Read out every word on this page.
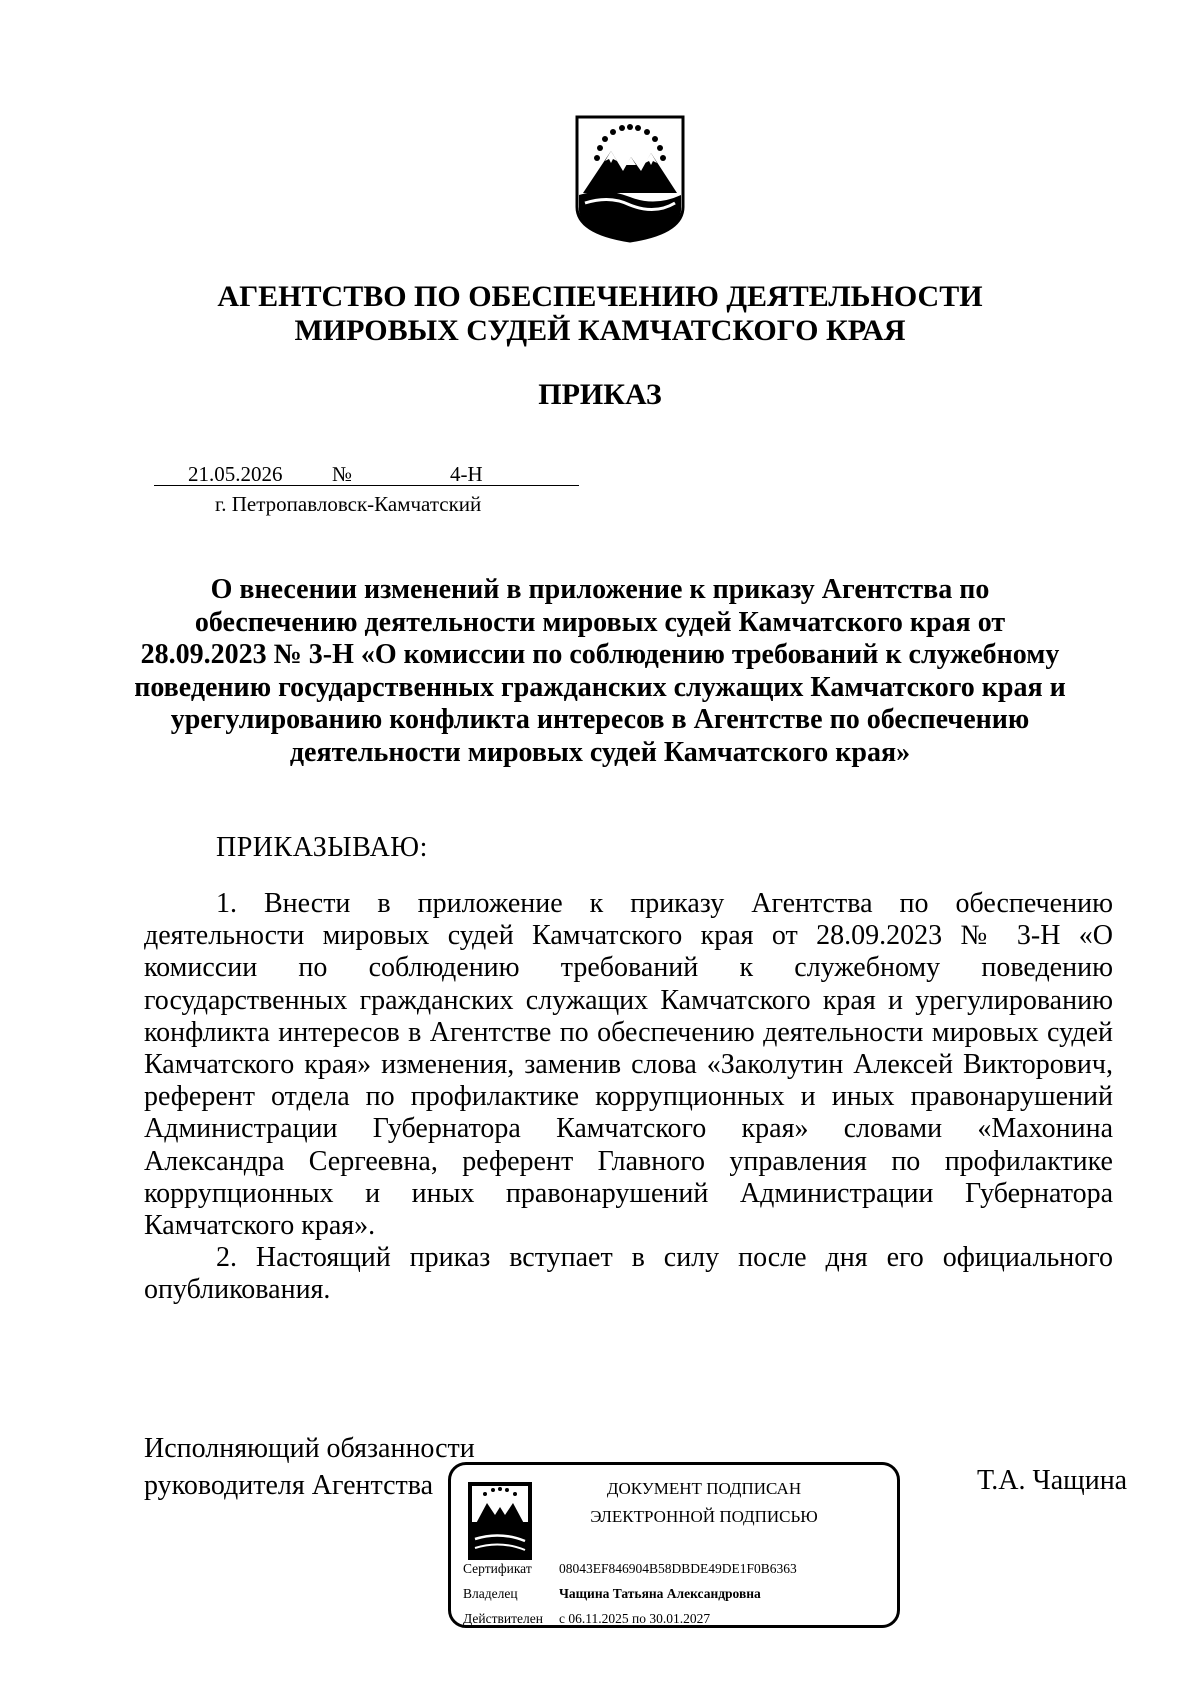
АГЕНТСТВО ПО ОБЕСПЕЧЕНИЮ ДЕЯТЕЛЬНОСТИ
МИРОВЫХ СУДЕЙ КАМЧАТСКОГО КРАЯ
ПРИКАЗ
21.05.2026 №	4-Н
г. Петропавловск-Камчатский
О внесении изменений в приложение к приказу Агентства по
обеспечению деятельности мировых судей Камчатского края от
28.09.2023 № 3-Н «О комиссии по соблюдению требований к служебному
поведению государственных гражданских служащих Камчатского края и
урегулированию конфликта интересов в Агентстве по обеспечению
деятельности мировых судей Камчатского края»
ПРИКАЗЫВАЮ:

1. Внести в приложение к приказу Агентства по обеспечению деятельности мировых судей Камчатского края от 28.09.2023 № 3-Н «О комиссии по соблюдению требований к служебному поведению государственных гражданских служащих Камчатского края и урегулированию конфликта интересов в Агентстве по обеспечению деятельности мировых судей Камчатского края» изменения, заменив слова «Заколутин Алексей Викторович, референт отдела по профилактике коррупционных и иных правонарушений Администрации Губернатора Камчатского края» словами «Махонина Александра Сергеевна, референт Главного управления по профилактике коррупционных и иных правонарушений Администрации Губернатора Камчатского края».

2. Настоящий приказ вступает в силу после дня его официального опубликования.

Исполняющий обязанности
руководителя Агентства	Т.А. Чащина
ДОКУМЕНТ ПОДПИСАН
ЭЛЕКТРОННОЙ ПОДПИСЬЮ
Сертификат 08043EF846904B58DBDE49DE1F0B6363
Владелец	Чащина Татьяна Александровна
Действителен с 06.11.2025 по 30.01.2027
